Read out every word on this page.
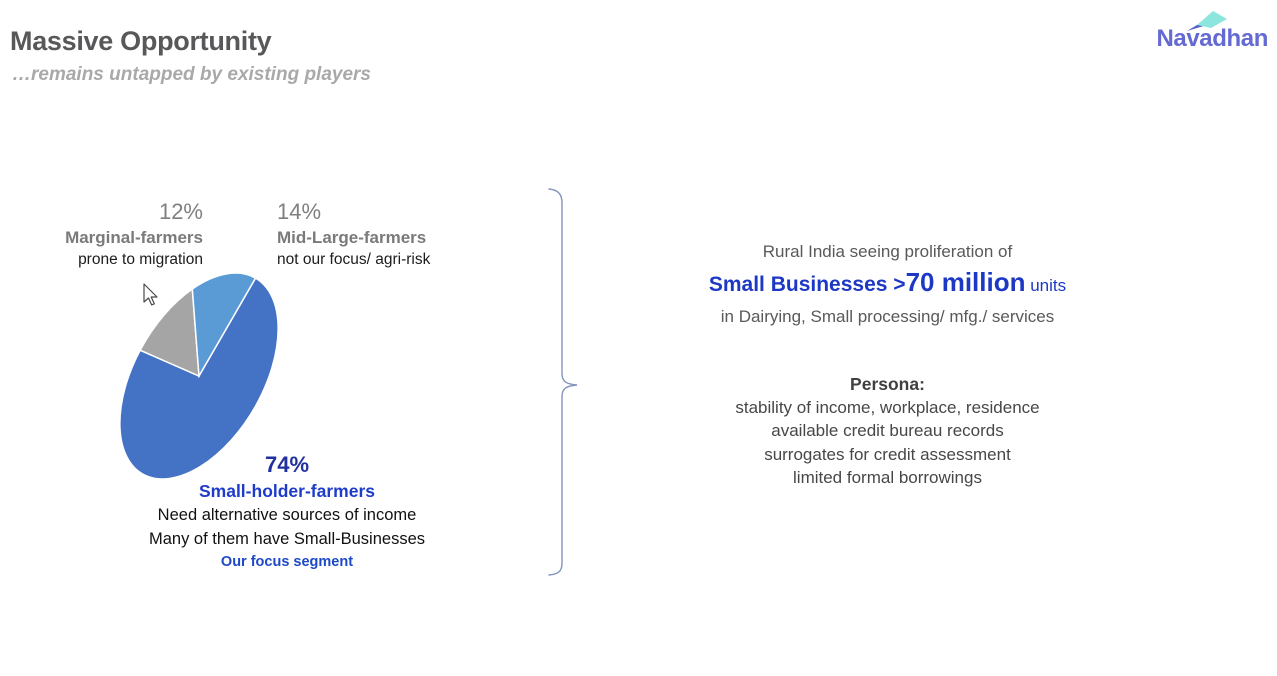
Massive Opportunity
…remains untapped by existing players
Navadhan
12%
Marginal-farmers
prone to migration
14%
Mid-Large-farmers
not our focus/ agri-risk
74%
Small-holder-farmers
Need alternative sources of income
Many of them have Small-Businesses
Our focus segment
Rural India seeing proliferation of
Small Businesses >70 million units
in Dairying, Small processing/ mfg./ services
Persona:
stability of income, workplace, residence
available credit bureau records
surrogates for credit assessment
limited formal borrowings
